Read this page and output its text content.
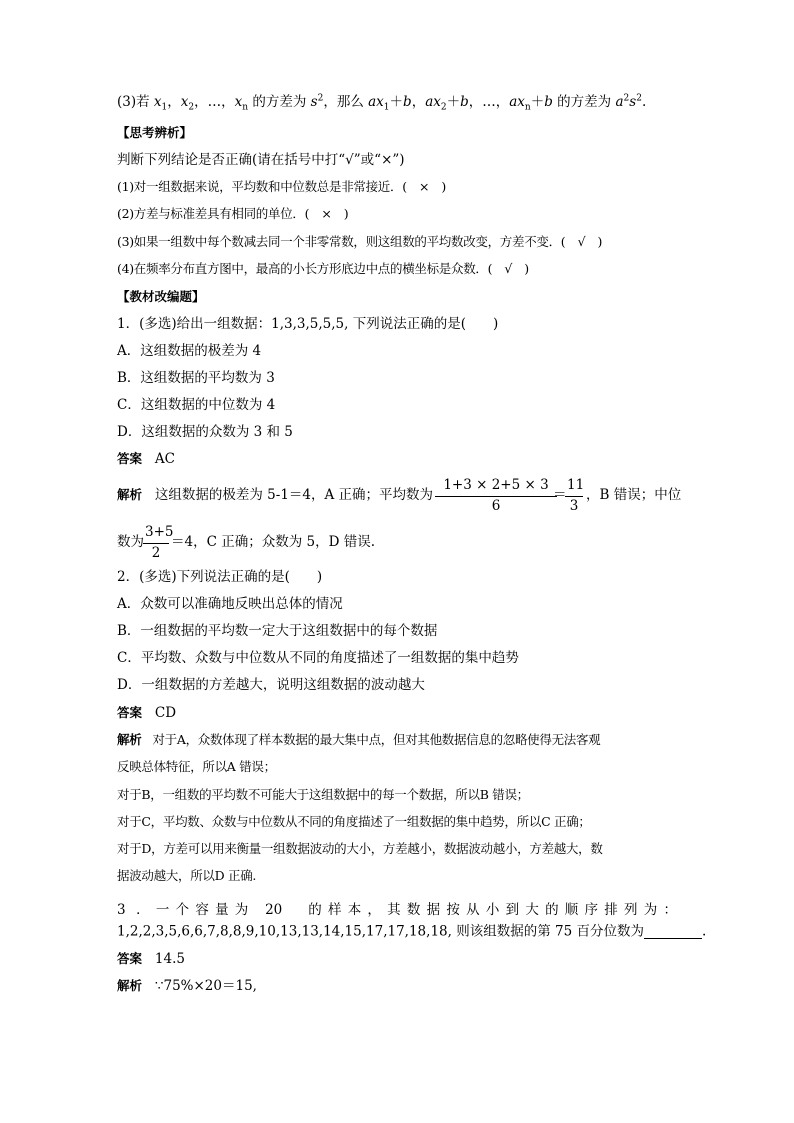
(3)若 $x_1$，$x_2$，…，$x_n$ 的方差为 $s^2$，那么 $ax_1+b$，$ax_2+b$，…，$ax_n+b$ 的方差为 $a^2s^2$.
【思考辨析】
判断下列结论是否正确(请在括号中打“√”或“×”)
(1)对一组数据来说，平均数和中位数总是非常接近．(　×　)
(2)方差与标准差具有相同的单位．(　×　)
(3)如果一组数中每个数减去同一个非零常数，则这组数的平均数改变，方差不变．(　√　)
(4)在频率分布直方图中，最高的小长方形底边中点的横坐标是众数．(　√　)
【教材改编题】
1．(多选)给出一组数据：1,3,3,5,5,5, 下列说法正确的是(　　)
A．这组数据的极差为 4
B．这组数据的平均数为 3
C．这组数据的中位数为 4
D．这组数据的众数为 3 和 5
答案 AC
解析 这组数据的极差为 5-1＝4，A 正确；平均数为 $\frac{1+3 \times 2+5 \times 3}{6}$
＝
$\frac{11}{3}$ ，B 错误；中位
数为 $\frac{3+5}{2} =4$，C 正确；众数为 5，D 错误.
2．(多选)下列说法正确的是(　　)
A．众数可以准确地反映出总体的情况
B．一组数据的平均数一定大于这组数据中的每个数据
C．平均数、众数与中位数从不同的角度描述了一组数据的集中趋势
D．一组数据的方差越大，说明这组数据的波动越大
答案 CD
解析 对于A，众数体现了样本数据的最大集中点，但对其他数据信息的忽略使得无法客观
反映总体特征，所以A 错误；
对于B，一组数的平均数不可能大于这组数据中的每一个数据，所以B 错误；
对于C，平均数、众数与中位数从不同的角度描述了一组数据的集中趋势，所以C 正确；
对于D，方差可以用来衡量一组数据波动的大小，方差越小，数据波动越小，方差越大，数
据波动越大，所以D 正确.
3 ．一个容量为 20　的样本，其数据按从小到大的顺序排列为：
1,2,2,3,5,6,6,7,8,8,9,10,13,13,14,15,17,17,18,18, 则该组数据的第 75 百分位数为	.
答案 14.5
解析 ∵75%×20＝15,
